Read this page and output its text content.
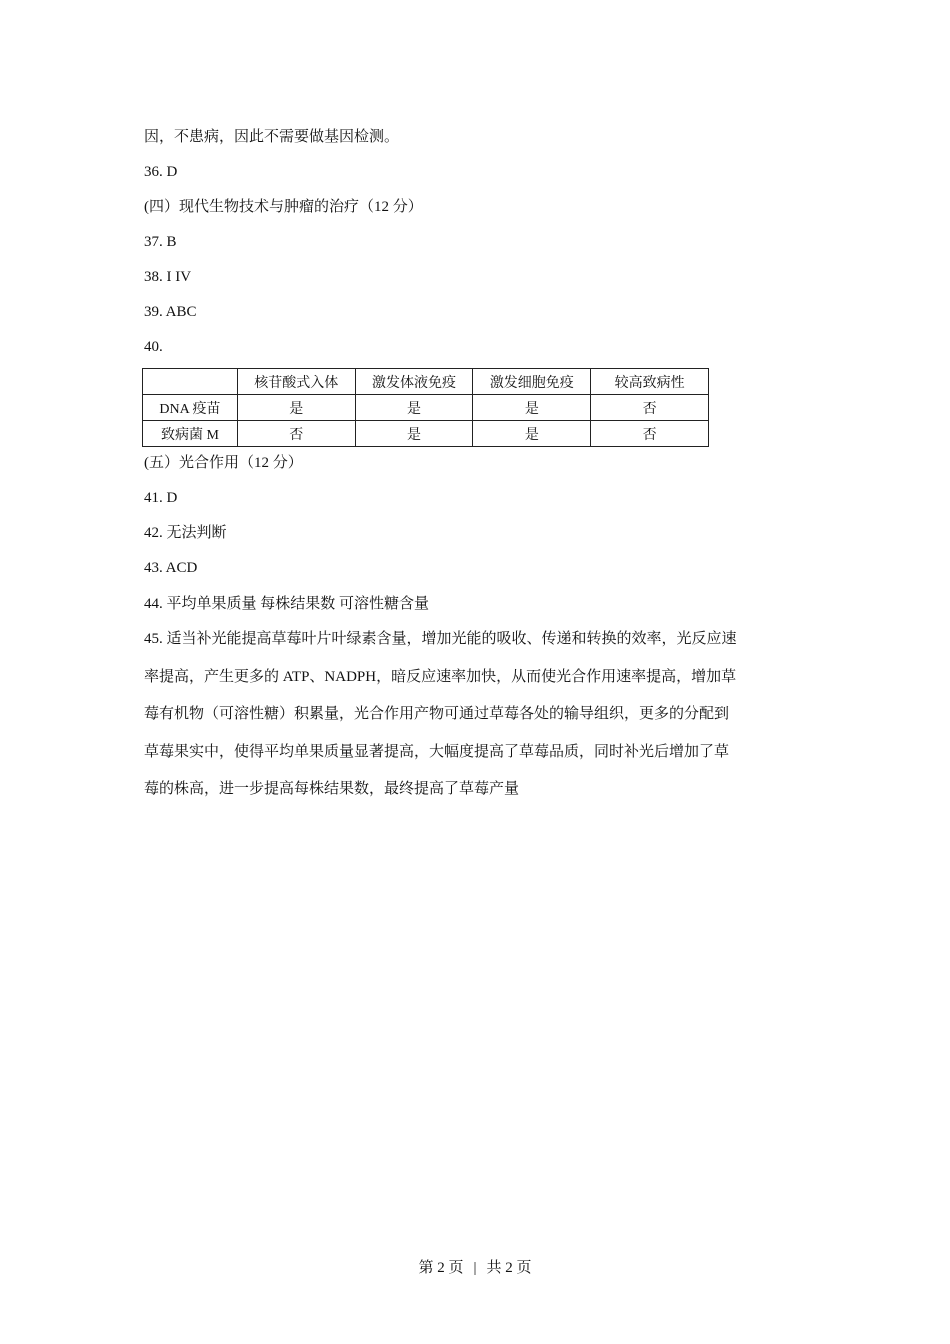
因，不患病，因此不需要做基因检测。
36. D
(四）现代生物技术与肿瘤的治疗（12 分）
37. B
38. I IV
39. ABC
40.
	核苷酸式入体	激发体液免疫	激发细胞免疫	较高致病性
DNA 疫苗	是	是	是	否
致病菌 M	否	是	是	否
(五）光合作用（12 分）
41. D
42. 无法判断
43. ACD
44. 平均单果质量 每株结果数 可溶性糖含量

45. 适当补光能提高草莓叶片叶绿素含量，增加光能的吸收、传递和转换的效率，光反应速

率提高，产生更多的 ATP、NADPH，暗反应速率加快，从而使光合作用速率提高，增加草

莓有机物（可溶性糖）积累量，光合作用产物可通过草莓各处的输导组织，更多的分配到

草莓果实中，使得平均单果质量显著提高，大幅度提高了草莓品质，同时补光后增加了草

莓的株高，进一步提高每株结果数，最终提高了草莓产量

第 2 页 | 共 2 页
